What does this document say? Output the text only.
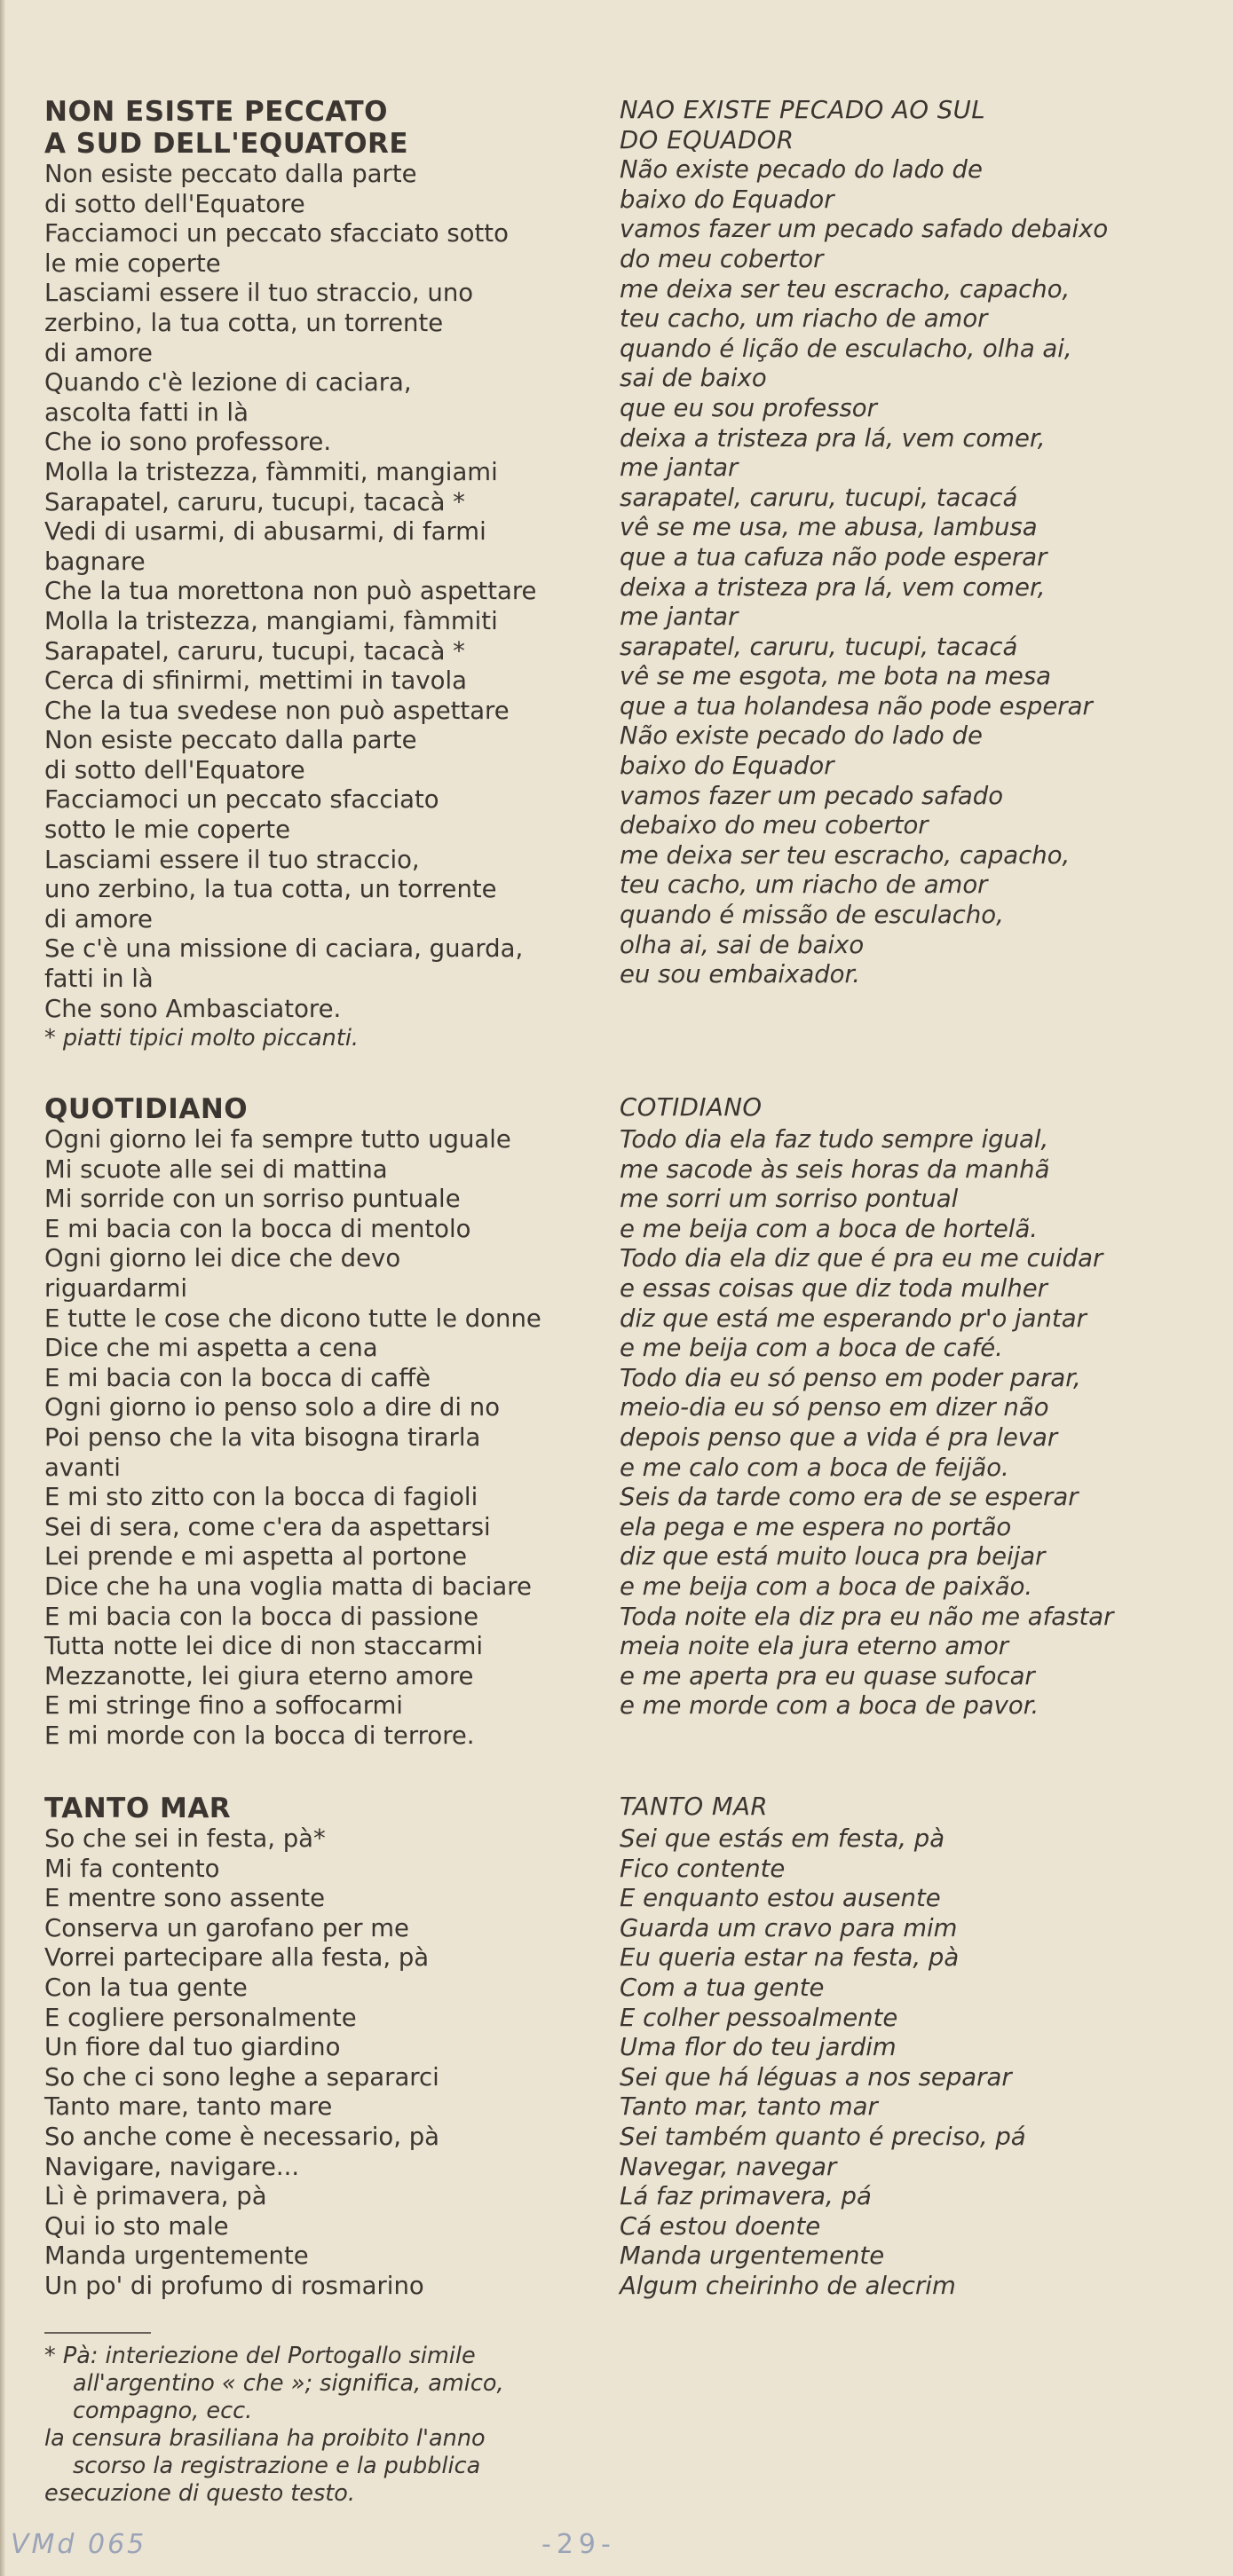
NON ESISTE PECCATO
A SUD DELL'EQUATORE
Non esiste peccato dalla parte
di sotto dell'Equatore
Facciamoci un peccato sfacciato sotto
le mie coperte
Lasciami essere il tuo straccio, uno
zerbino, la tua cotta, un torrente
di amore
Quando c'è lezione di caciara,
ascolta fatti in là
Che io sono professore.
Molla la tristezza, fàmmiti, mangiami
Sarapatel, caruru, tucupi, tacacà *
Vedi di usarmi, di abusarmi, di farmi
bagnare
Che la tua morettona non può aspettare
Molla la tristezza, mangiami, fàmmiti
Sarapatel, caruru, tucupi, tacacà *
Cerca di sfinirmi, mettimi in tavola
Che la tua svedese non può aspettare
Non esiste peccato dalla parte
di sotto dell'Equatore
Facciamoci un peccato sfacciato
sotto le mie coperte
Lasciami essere il tuo straccio,
uno zerbino, la tua cotta, un torrente
di amore
Se c'è una missione di caciara, guarda,
fatti in là
Che sono Ambasciatore.
* piatti tipici molto piccanti.
NAO EXISTE PECADO AO SUL
DO EQUADOR
Não existe pecado do lado de
baixo do Equador
vamos fazer um pecado safado debaixo
do meu cobertor
me deixa ser teu escracho, capacho,
teu cacho, um riacho de amor
quando é lição de esculacho, olha ai,
sai de baixo
que eu sou professor
deixa a tristeza pra lá, vem comer,
me jantar
sarapatel, caruru, tucupi, tacacá
vê se me usa, me abusa, lambusa
que a tua cafuza não pode esperar
deixa a tristeza pra lá, vem comer,
me jantar
sarapatel, caruru, tucupi, tacacá
vê se me esgota, me bota na mesa
que a tua holandesa não pode esperar
Não existe pecado do lado de
baixo do Equador
vamos fazer um pecado safado
debaixo do meu cobertor
me deixa ser teu escracho, capacho,
teu cacho, um riacho de amor
quando é missão de esculacho,
olha ai, sai de baixo
eu sou embaixador.
QUOTIDIANO
Ogni giorno lei fa sempre tutto uguale
Mi scuote alle sei di mattina
Mi sorride con un sorriso puntuale
E mi bacia con la bocca di mentolo
Ogni giorno lei dice che devo
riguardarmi
E tutte le cose che dicono tutte le donne
Dice che mi aspetta a cena
E mi bacia con la bocca di caffè
Ogni giorno io penso solo a dire di no
Poi penso che la vita bisogna tirarla
avanti
E mi sto zitto con la bocca di fagioli
Sei di sera, come c'era da aspettarsi
Lei prende e mi aspetta al portone
Dice che ha una voglia matta di baciare
E mi bacia con la bocca di passione
Tutta notte lei dice di non staccarmi
Mezzanotte, lei giura eterno amore
E mi stringe fino a soffocarmi
E mi morde con la bocca di terrore.
COTIDIANO
Todo dia ela faz tudo sempre igual,
me sacode às seis horas da manhã
me sorri um sorriso pontual
e me beija com a boca de hortelã.
Todo dia ela diz que é pra eu me cuidar
e essas coisas que diz toda mulher
diz que está me esperando pr'o jantar
e me beija com a boca de café.
Todo dia eu só penso em poder parar,
meio-dia eu só penso em dizer não
depois penso que a vida é pra levar
e me calo com a boca de feijão.
Seis da tarde como era de se esperar
ela pega e me espera no portão
diz que está muito louca pra beijar
e me beija com a boca de paixão.
Toda noite ela diz pra eu não me afastar
meia noite ela jura eterno amor
e me aperta pra eu quase sufocar
e me morde com a boca de pavor.
TANTO MAR
So che sei in festa, pà*
Mi fa contento
E mentre sono assente
Conserva un garofano per me
Vorrei partecipare alla festa, pà
Con la tua gente
E cogliere personalmente
Un fiore dal tuo giardino
So che ci sono leghe a separarci
Tanto mare, tanto mare
So anche come è necessario, pà
Navigare, navigare...
Lì è primavera, pà
Qui io sto male
Manda urgentemente
Un po' di profumo di rosmarino
TANTO MAR
Sei que estás em festa, pà
Fico contente
E enquanto estou ausente
Guarda um cravo para mim
Eu queria estar na festa, pà
Com a tua gente
E colher pessoalmente
Uma flor do teu jardim
Sei que há léguas a nos separar
Tanto mar, tanto mar
Sei também quanto é preciso, pá
Navegar, navegar
Lá faz primavera, pá
Cá estou doente
Manda urgentemente
Algum cheirinho de alecrim
* Pà: interiezione del Portogallo simile
all'argentino « che »; significa, amico,
compagno, ecc.
la censura brasiliana ha proibito l'anno
scorso la registrazione e la pubblica
esecuzione di questo testo.
VMd 065	-29-
